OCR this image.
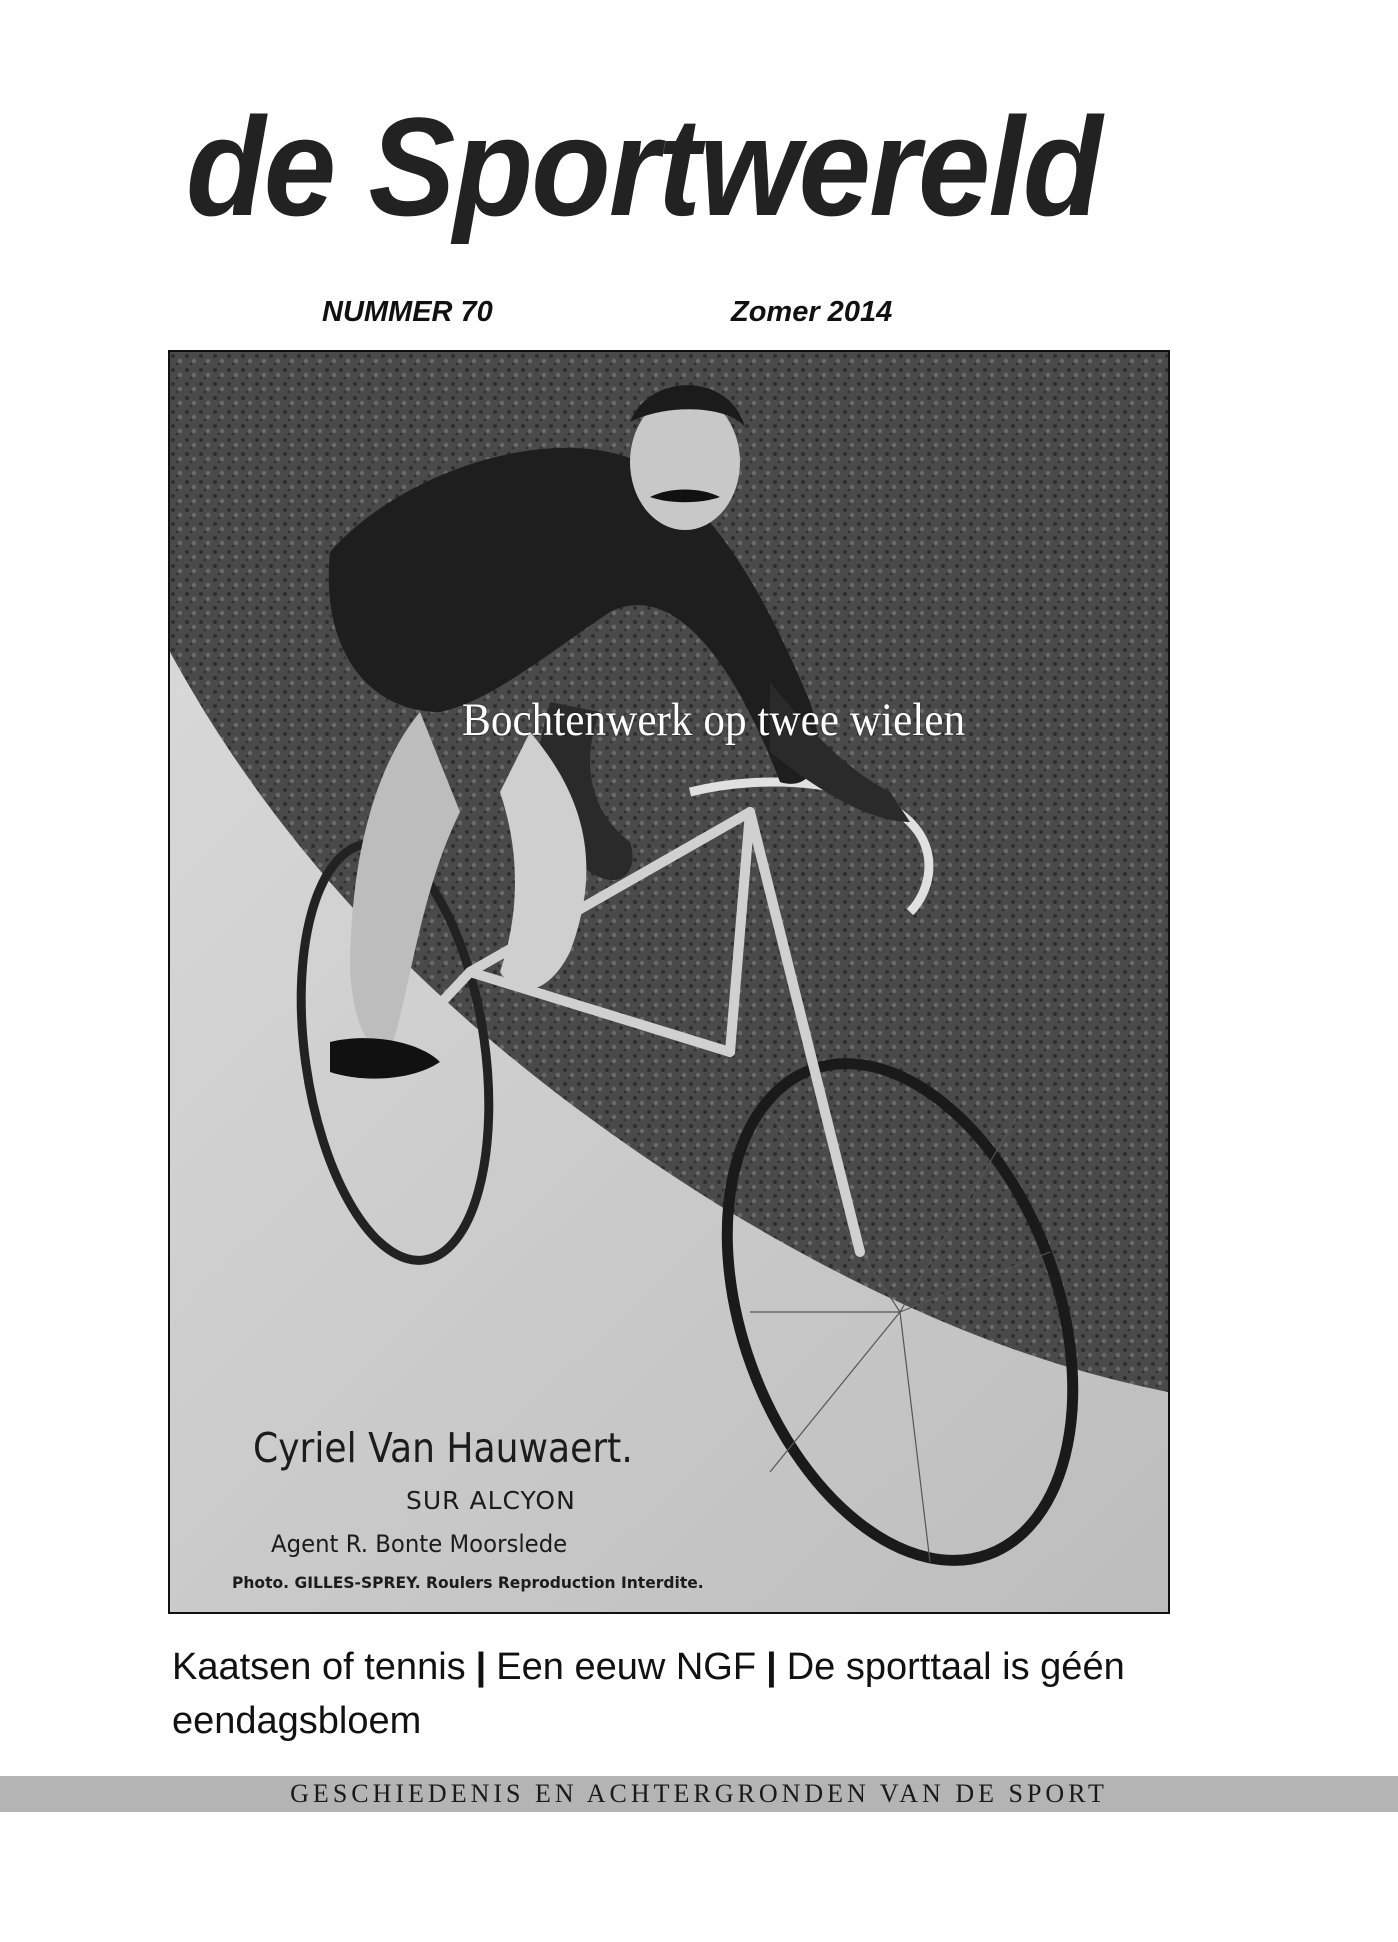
de Sportwereld
NUMMER 70	Zomer 2014
Bochtenwerk op twee wielen
Cyriel Van Hauwaert.
SUR ALCYON
Agent R. Bonte Moorslede
Photo. GILLES-SPREY. Roulers Reproduction Interdite.
Kaatsen of tennis | Een eeuw NGF | De sporttaal is géén eendagsbloem
GESCHIEDENIS EN ACHTERGRONDEN VAN DE SPORT
